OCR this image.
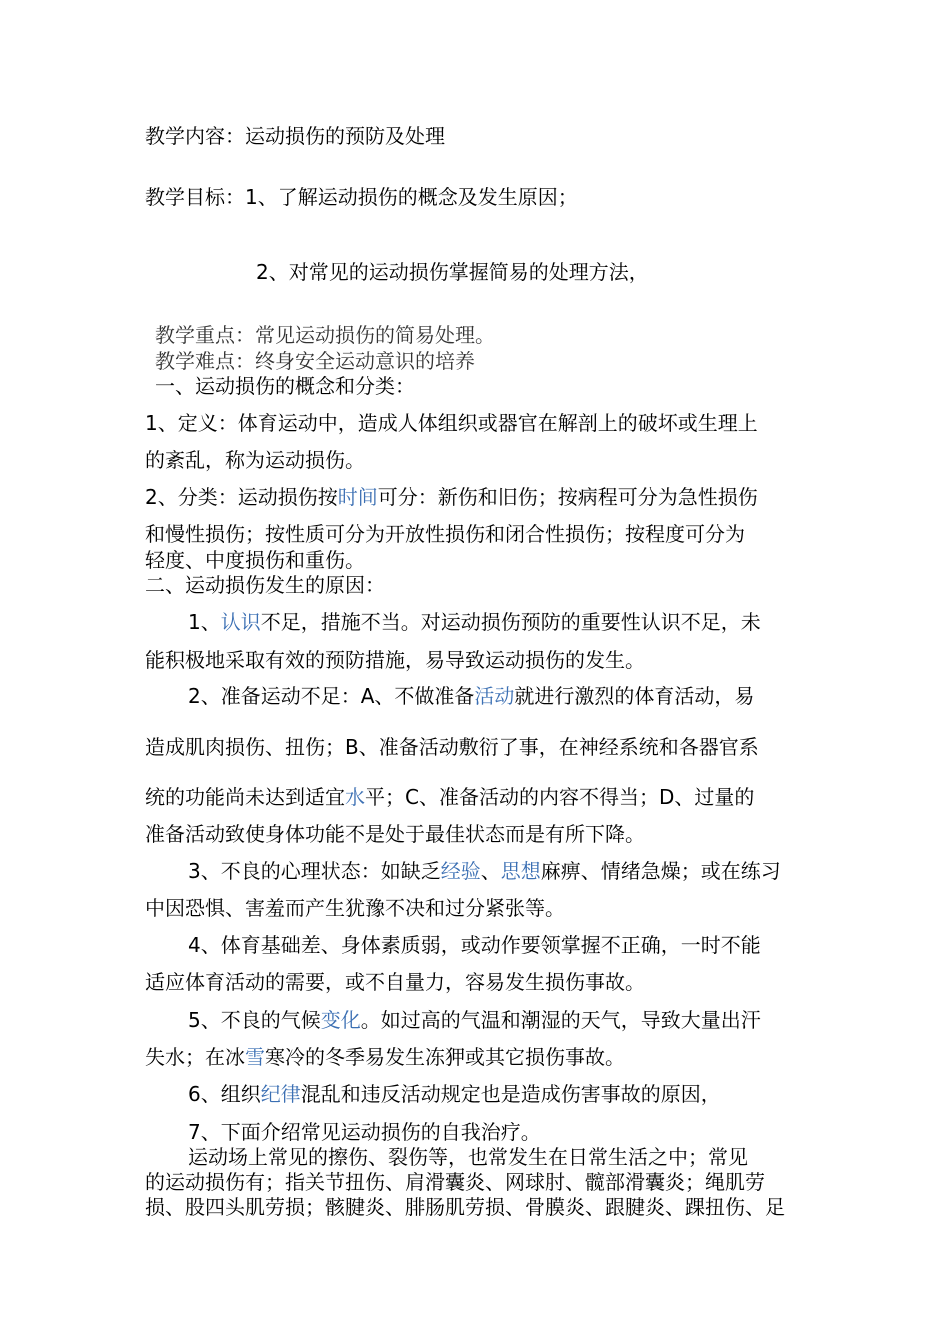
教学内容：运动损伤的预防及处理
教学目标：1、了解运动损伤的概念及发生原因；
2、对常见的运动损伤掌握简易的处理方法，
教学重点：常见运动损伤的简易处理。
教学难点：终身安全运动意识的培养
一、运动损伤的概念和分类：
1、定义：体育运动中，造成人体组织或器官在解剖上的破坏或生理上
的紊乱，称为运动损伤。
2、分类：运动损伤按时间可分：新伤和旧伤；按病程可分为急性损伤
和慢性损伤；按性质可分为开放性损伤和闭合性损伤；按程度可分为
轻度、中度损伤和重伤。
二、运动损伤发生的原因：
1、认识不足，措施不当。对运动损伤预防的重要性认识不足，未
能积极地采取有效的预防措施，易导致运动损伤的发生。
2、准备运动不足：A、不做准备活动就进行激烈的体育活动，易
造成肌肉损伤、扭伤；B、准备活动敷衍了事，在神经系统和各器官系
统的功能尚未达到适宜水平；C、准备活动的内容不得当；D、过量的
准备活动致使身体功能不是处于最佳状态而是有所下降。
3、不良的心理状态：如缺乏经验、思想麻痹、情绪急燥；或在练习
中因恐惧、害羞而产生犹豫不决和过分紧张等。
4、体育基础差、身体素质弱，或动作要领掌握不正确，一时不能
适应体育活动的需要，或不自量力，容易发生损伤事故。
5、不良的气候变化。如过高的气温和潮湿的天气，导致大量出汗
失水；在冰雪寒冷的冬季易发生冻狎或其它损伤事故。
6、组织纪律混乱和违反活动规定也是造成伤害事故的原因，
7、下面介绍常见运动损伤的自我治疗。
运动场上常见的擦伤、裂伤等，也常发生在日常生活之中；常见
的运动损伤有；指关节扭伤、肩滑囊炎、网球肘、髋部滑囊炎；绳肌劳
损、股四头肌劳损；骸腱炎、腓肠肌劳损、骨膜炎、跟腱炎、踝扭伤、足
